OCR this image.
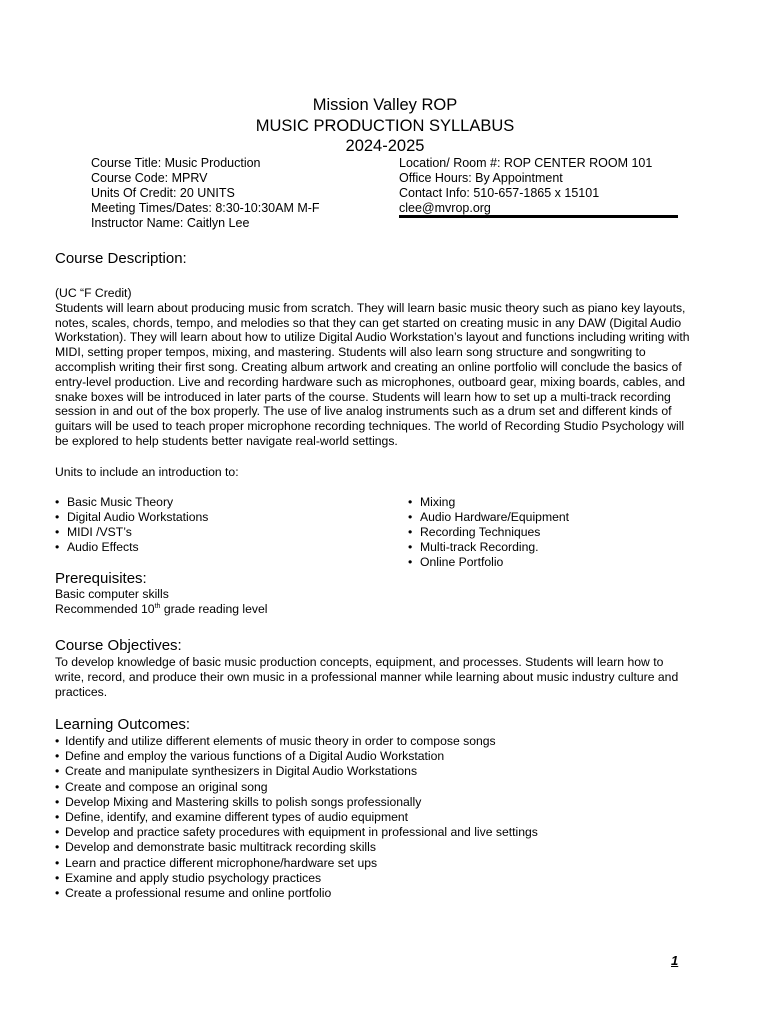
Mission Valley ROP
MUSIC PRODUCTION SYLLABUS
2024-2025
Course Title: Music Production
Course Code: MPRV
Units Of Credit: 20 UNITS
Meeting Times/Dates: 8:30-10:30AM M-F
Instructor Name: Caitlyn Lee
Location/ Room #: ROP CENTER ROOM 101
Office Hours: By Appointment
Contact Info: 510-657-1865 x 15101
clee@mvrop.org
Course Description:
(UC “F Credit)
Students will learn about producing music from scratch. They will learn basic music theory such as piano key layouts,
notes, scales, chords, tempo, and melodies so that they can get started on creating music in any DAW (Digital Audio
Workstation). They will learn about how to utilize Digital Audio Workstation’s layout and functions including writing with
MIDI, setting proper tempos, mixing, and mastering. Students will also learn song structure and songwriting to
accomplish writing their first song. Creating album artwork and creating an online portfolio will conclude the basics of
entry-level production. Live and recording hardware such as microphones, outboard gear, mixing boards, cables, and
snake boxes will be introduced in later parts of the course. Students will learn how to set up a multi-track recording
session in and out of the box properly. The use of live analog instruments such as a drum set and different kinds of
guitars will be used to teach proper microphone recording techniques. The world of Recording Studio Psychology will
be explored to help students better navigate real-world settings.
Units to include an introduction to:
• Basic Music Theory
• Digital Audio Workstations
• MIDI /VST’s
• Audio Effects
• Mixing
• Audio Hardware/Equipment
• Recording Techniques
• Multi-track Recording.
• Online Portfolio
Prerequisites:
Basic computer skills
Recommended 10th grade reading level
Course Objectives:
To develop knowledge of basic music production concepts, equipment, and processes. Students will learn how to
write, record, and produce their own music in a professional manner while learning about music industry culture and
practices.
Learning Outcomes:
• Identify and utilize different elements of music theory in order to compose songs
• Define and employ the various functions of a Digital Audio Workstation
• Create and manipulate synthesizers in Digital Audio Workstations
• Create and compose an original song
• Develop Mixing and Mastering skills to polish songs professionally
• Define, identify, and examine different types of audio equipment
• Develop and practice safety procedures with equipment in professional and live settings
• Develop and demonstrate basic multitrack recording skills
• Learn and practice different microphone/hardware set ups
• Examine and apply studio psychology practices
• Create a professional resume and online portfolio
1
